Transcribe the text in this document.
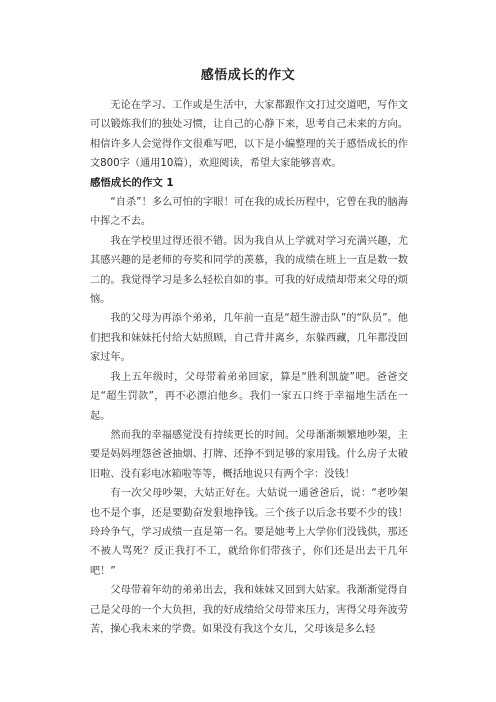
感悟成长的作文

无论在学习、工作或是生活中，大家都跟作文打过交道吧，写作文可以锻炼我们的独处习惯，让自己的心静下来，思考自己未来的方向。相信许多人会觉得作文很难写吧，以下是小编整理的关于感悟成长的作文800字（通用10篇），欢迎阅读，希望大家能够喜欢。

感悟成长的作文 1

“自杀”！多么可怕的字眼！可在我的成长历程中，它曾在我的脑海中挥之不去。

我在学校里过得还很不错。因为我自从上学就对学习充满兴趣，尤其感兴趣的是老师的夸奖和同学的羡慕，我的成绩在班上一直是数一数二的。我觉得学习是多么轻松自如的事。可我的好成绩却带来父母的烦恼。

我的父母为再添个弟弟，几年前一直是“超生游击队”的“队员”。他们把我和妹妹托付给大姑照顾，自己背井离乡，东躲西藏，几年都没回家过年。

我上五年级时，父母带着弟弟回家，算是“胜利凯旋”吧。爸爸交足“超生罚款”，再不必漂泊他乡。我们一家五口终于幸福地生活在一起。

然而我的幸福感觉没有持续更长的时间。父母渐渐频繁地吵架，主要是妈妈埋怨爸爸抽烟、打牌、还挣不到足够的家用钱。什么房子太破旧啦、没有彩电冰箱啦等等，概括地说只有两个字：没钱！

有一次父母吵架，大姑正好在。大姑说一通爸爸后，说：“老吵架也不是个事，还是要勤奋发狠地挣钱。三个孩子以后念书要不少的钱！玲玲争气，学习成绩一直是第一名。要是她考上大学你们没钱供，那还不被人骂死？反正我打不工，就给你们带孩子，你们还是出去干几年吧！”

父母带着年幼的弟弟出去，我和妹妹又回到大姑家。我渐渐觉得自己是父母的一个大负担，我的好成绩给父母带来压力，害得父母奔波劳苦，操心我未来的学费。如果没有我这个女儿，父母该是多么轻
